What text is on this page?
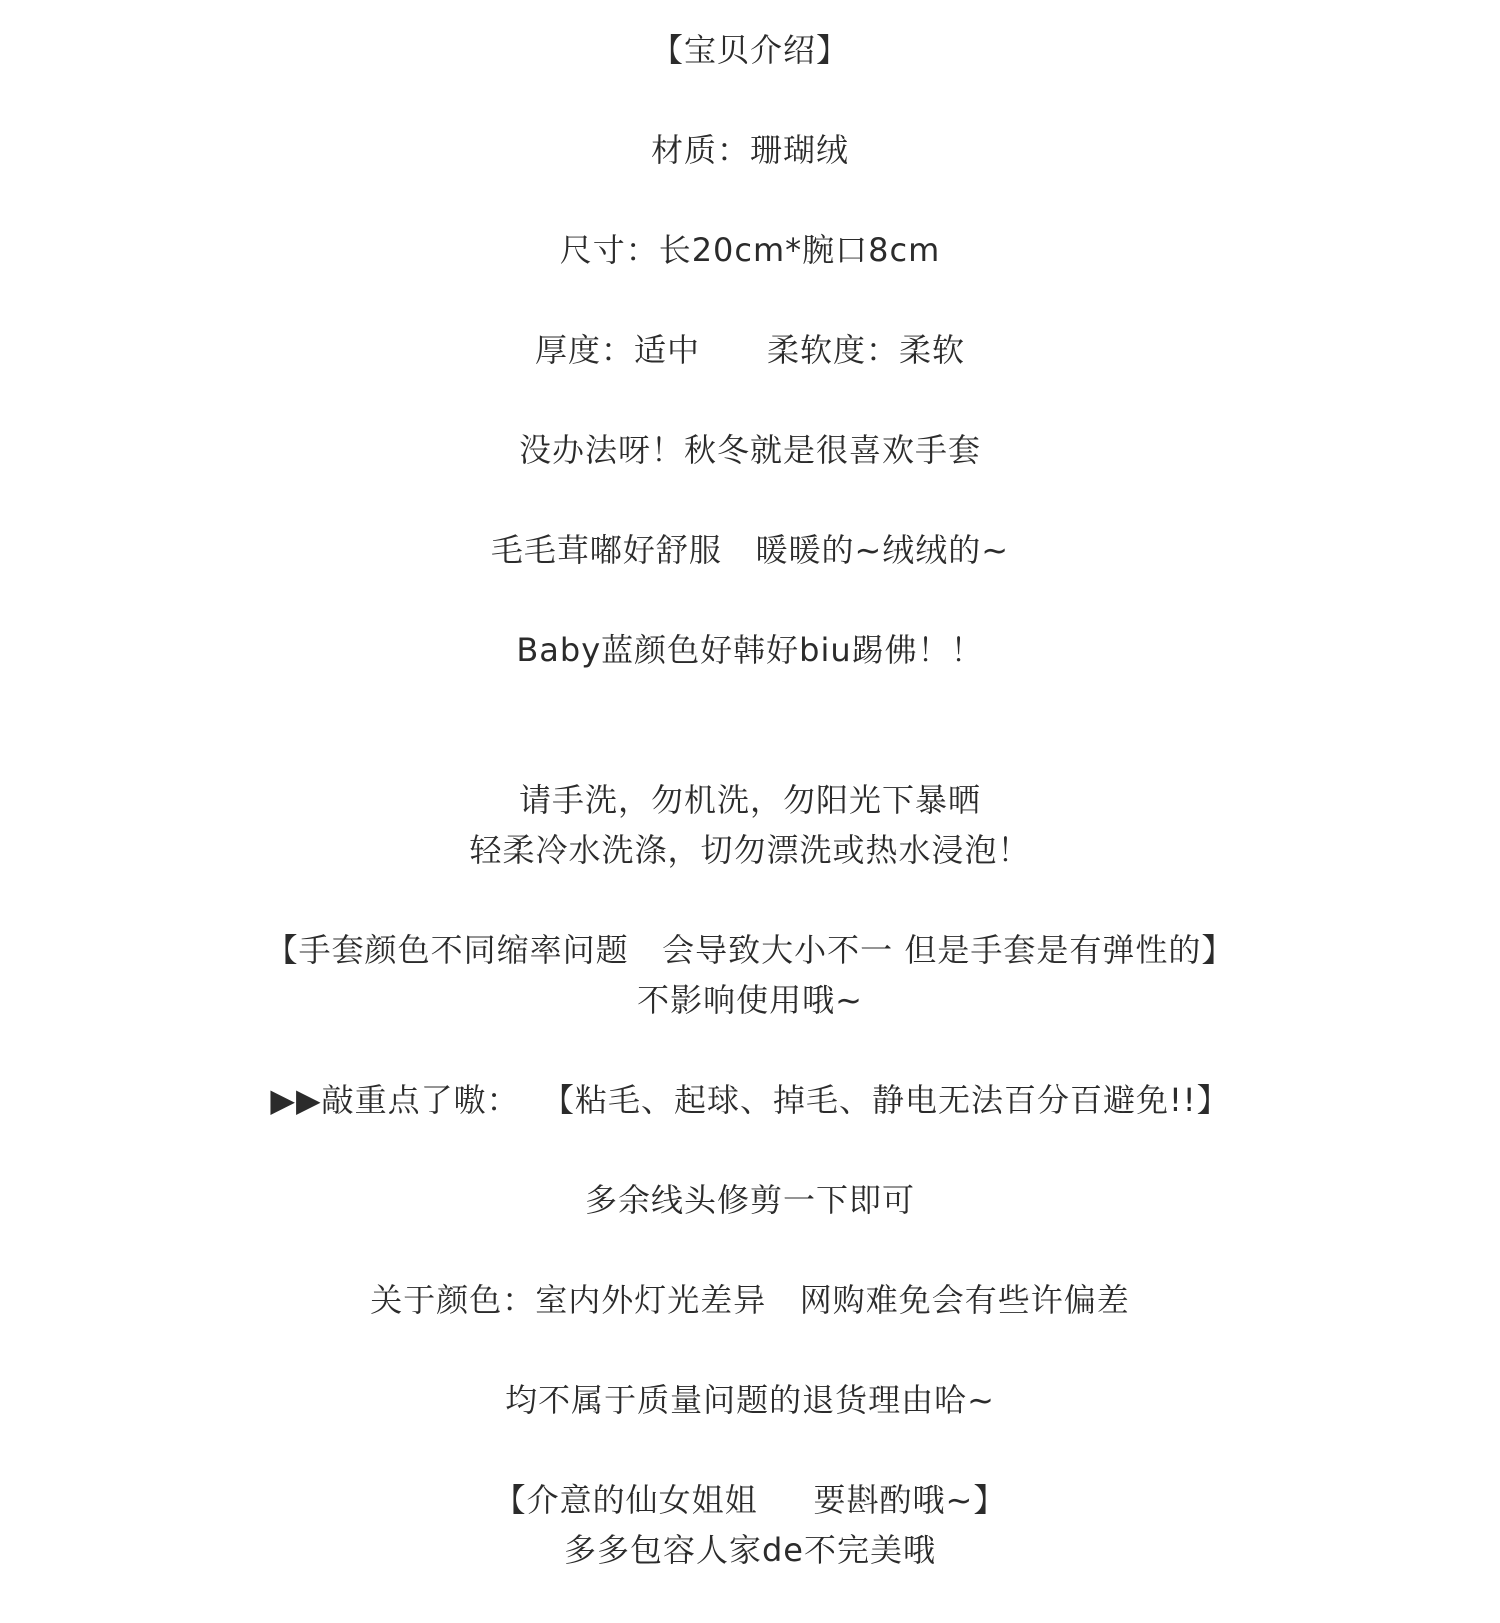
【宝贝介绍】
材质：珊瑚绒
尺寸：长20cm*腕口8cm
厚度：适中      柔软度：柔软
没办法呀！秋冬就是很喜欢手套
毛毛茸嘟好舒服   暖暖的~绒绒的~
Baby蓝颜色好韩好biu踢佛！！
请手洗，勿机洗，勿阳光下暴晒
轻柔冷水洗涤，切勿漂洗或热水浸泡！
【手套颜色不同缩率问题   会导致大小不一 但是手套是有弹性的】
不影响使用哦~
▶▶敲重点了嗷：  【粘毛、起球、掉毛、静电无法百分百避免!!】
多余线头修剪一下即可
关于颜色：室内外灯光差异   网购难免会有些许偏差
均不属于质量问题的退货理由哈~
【介意的仙女姐姐     要斟酌哦~】
多多包容人家de不完美哦
